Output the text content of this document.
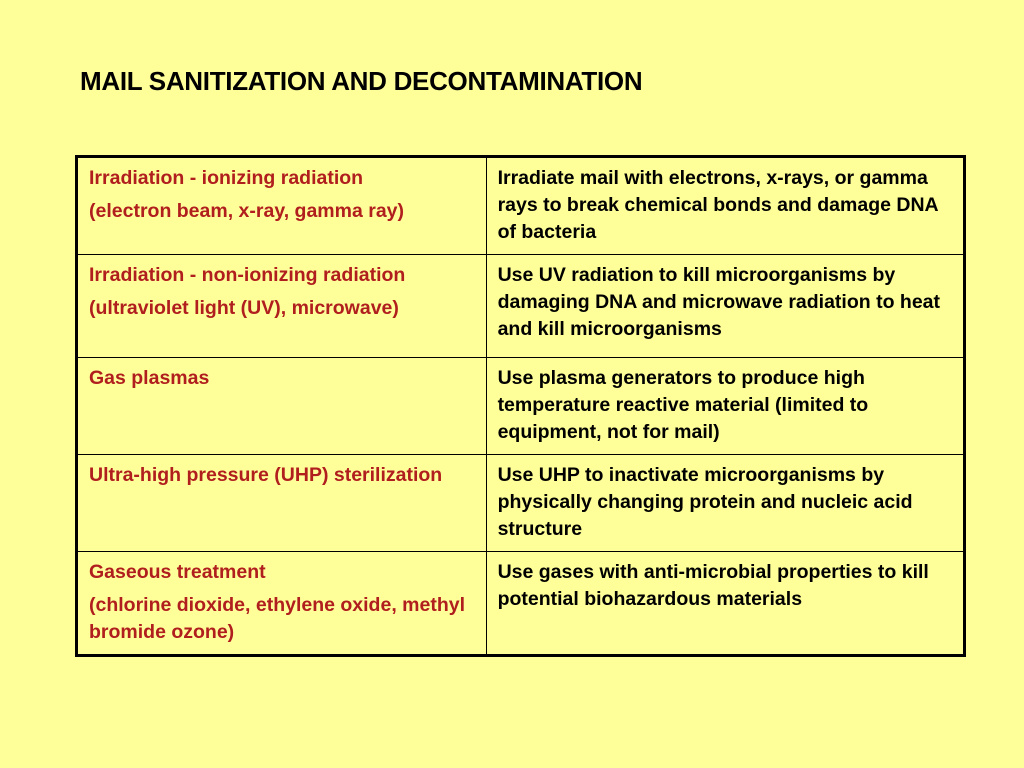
MAIL SANITIZATION AND DECONTAMINATION
Irradiation - ionizing radiation
(electron beam, x-ray, gamma ray)	Irradiate mail with electrons, x-rays, or gamma rays to break chemical bonds and damage DNA of bacteria

Irradiation - non-ionizing radiation
(ultraviolet light (UV), microwave)	Use UV radiation to kill microorganisms by damaging DNA and microwave radiation to heat and kill microorganisms

Gas plasmas	Use plasma generators to produce high temperature reactive material (limited to equipment, not for mail)

Ultra-high pressure (UHP) sterilization	Use UHP to inactivate microorganisms by physically changing protein and nucleic acid structure

Gaseous treatment
(chlorine dioxide, ethylene oxide, methyl bromide ozone)	Use gases with anti-microbial properties to kill potential biohazardous materials
